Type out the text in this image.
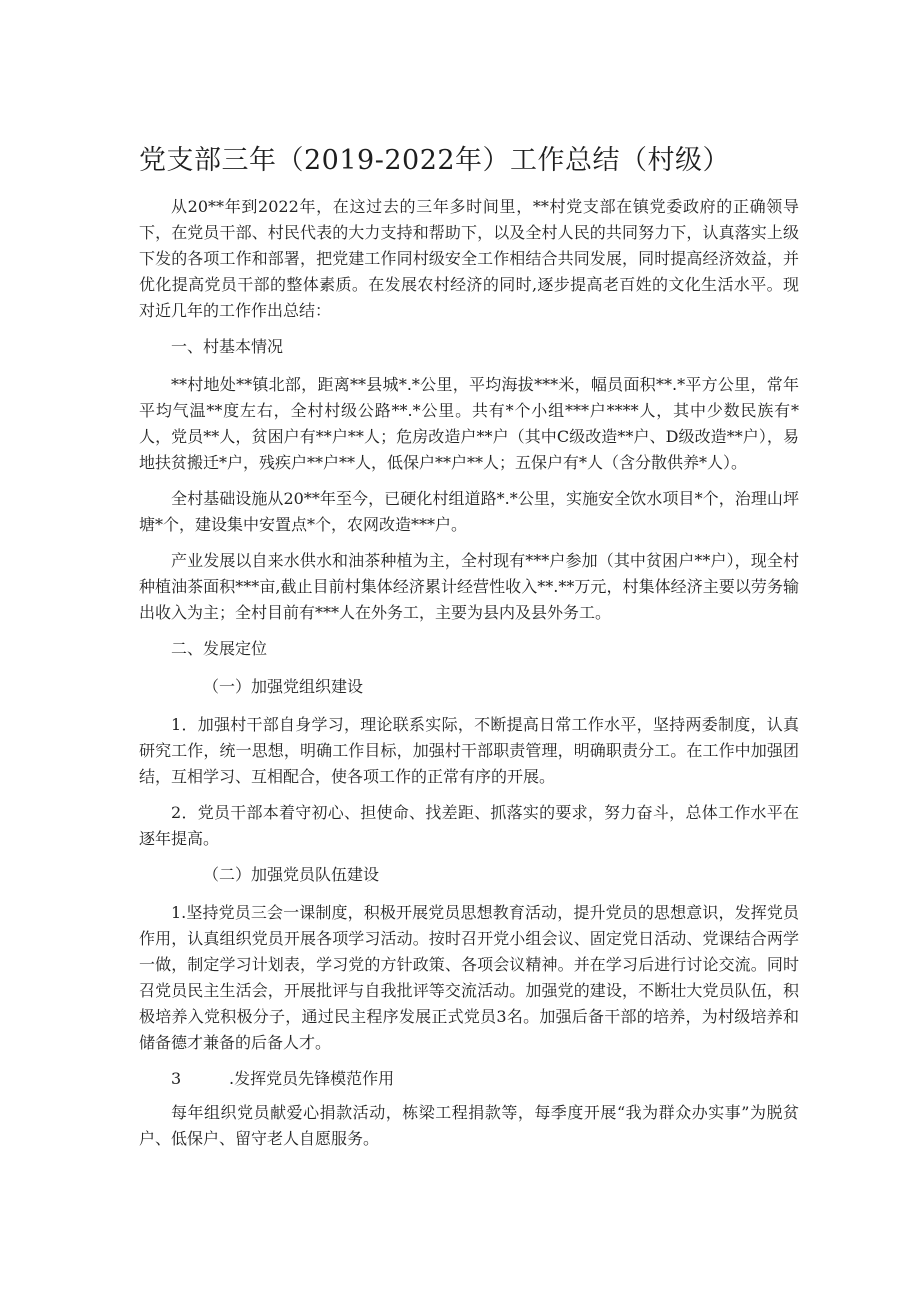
党支部三年（2019-2022年）工作总结（村级）

从20**年到2022年，在这过去的三年多时间里，**村党支部在镇党委政府的正确领导下，在党员干部、村民代表的大力支持和帮助下，以及全村人民的共同努力下，认真落实上级下发的各项工作和部署，把党建工作同村级安全工作相结合共同发展，同时提高经济效益，并优化提高党员干部的整体素质。在发展农村经济的同时,逐步提高老百姓的文化生活水平。现对近几年的工作作出总结：

一、村基本情况

**村地处**镇北部，距离**县城*.*公里，平均海拔***米，幅员面积**.*平方公里，常年平均气温**度左右，全村村级公路**.*公里。共有*个小组***户****人，其中少数民族有*人，党员**人，贫困户有**户**人；危房改造户**户（其中C级改造**户、D级改造**户），易地扶贫搬迁*户，残疾户**户**人，低保户**户**人；五保户有*人（含分散供养*人）。

全村基础设施从20**年至今，已硬化村组道路*.*公里，实施安全饮水项目*个，治理山坪塘*个，建设集中安置点*个，农网改造***户。

产业发展以自来水供水和油茶种植为主，全村现有***户参加（其中贫困户**户），现全村种植油茶面积***亩,截止目前村集体经济累计经营性收入**.**万元，村集体经济主要以劳务输出收入为主；全村目前有***人在外务工，主要为县内及县外务工。

二、发展定位

（一）加强党组织建设

1．加强村干部自身学习，理论联系实际，不断提高日常工作水平，坚持两委制度，认真研究工作，统一思想，明确工作目标，加强村干部职责管理，明确职责分工。在工作中加强团结，互相学习、互相配合，使各项工作的正常有序的开展。

2．党员干部本着守初心、担使命、找差距、抓落实的要求，努力奋斗，总体工作水平在逐年提高。

（二）加强党员队伍建设

1.坚持党员三会一课制度，积极开展党员思想教育活动，提升党员的思想意识，发挥党员作用，认真组织党员开展各项学习活动。按时召开党小组会议、固定党日活动、党课结合两学一做，制定学习计划表，学习党的方针政策、各项会议精神。并在学习后进行讨论交流。同时召党员民主生活会，开展批评与自我批评等交流活动。加强党的建设，不断壮大党员队伍，积极培养入党积极分子，通过民主程序发展正式党员3名。加强后备干部的培养，为村级培养和储备德才兼备的后备人才。

3	.发挥党员先锋模范作用

每年组织党员献爱心捐款活动，栋梁工程捐款等，每季度开展“我为群众办实事”为脱贫户、低保户、留守老人自愿服务。
